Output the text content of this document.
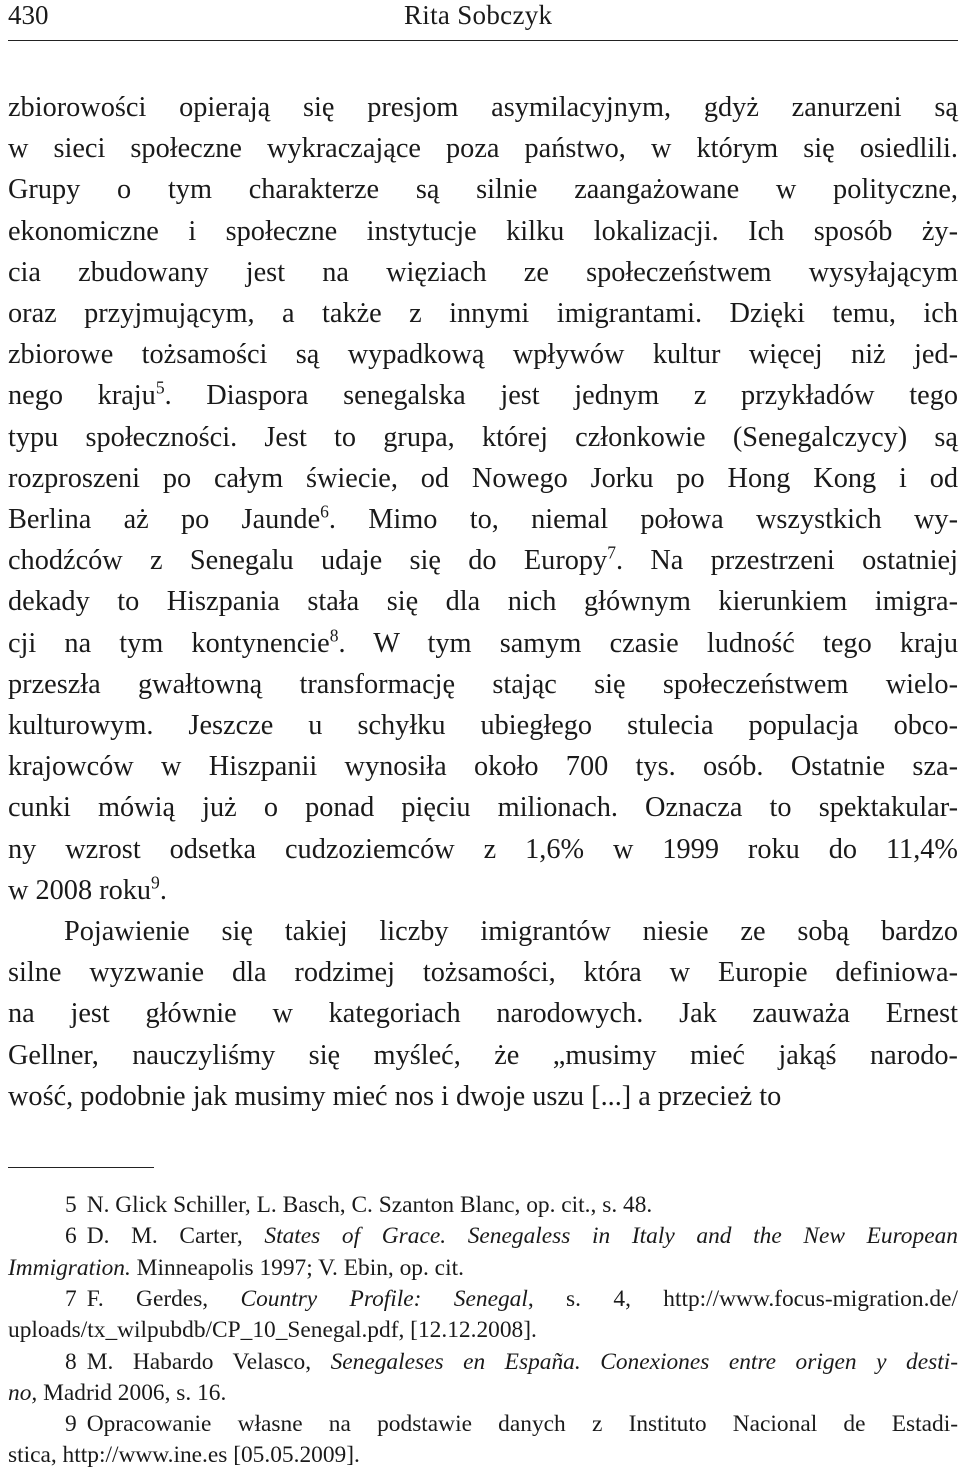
430	Rita Sobczyk

zbiorowości opierają się presjom asymilacyjnym, gdyż zanurzeni są
w sieci społeczne wykraczające poza państwo, w którym się osiedlili.
Grupy o tym charakterze są silnie zaangażowane w polityczne,
ekonomiczne i społeczne instytucje kilku lokalizacji. Ich sposób ży-
cia zbudowany jest na więziach ze społeczeństwem wysyłającym
oraz przyjmującym, a także z innymi imigrantami. Dzięki temu, ich
zbiorowe tożsamości są wypadkową wpływów kultur więcej niż jed-
nego kraju$^5$. Diaspora senegalska jest jednym z przykładów tego
typu społeczności. Jest to grupa, której członkowie (Senegalczycy) są
rozproszeni po całym świecie, od Nowego Jorku po Hong Kong i od
Berlina aż po Jaunde$^6$. Mimo to, niemal połowa wszystkich wy-
chodźców z Senegalu udaje się do Europy$^7$. Na przestrzeni ostatniej
dekady to Hiszpania stała się dla nich głównym kierunkiem imigra-
cji na tym kontynencie$^8$. W tym samym czasie ludność tego kraju
przeszła gwałtowną transformację stając się społeczeństwem wielo-
kulturowym. Jeszcze u schyłku ubiegłego stulecia populacja obco-
krajowców w Hiszpanii wynosiła około 700 tys. osób. Ostatnie sza-
cunki mówią już o ponad pięciu milionach. Oznacza to spektakular-
ny wzrost odsetka cudzoziemców z 1,6% w 1999 roku do 11,4%
w 2008 roku$^9$.

Pojawienie się takiej liczby imigrantów niesie ze sobą bardzo
silne wyzwanie dla rodzimej tożsamości, która w Europie definiowa-
na jest głównie w kategoriach narodowych. Jak zauważa Ernest
Gellner, nauczyliśmy się myśleć, że „musimy mieć jakąś narodo-
wość, podobnie jak musimy mieć nos i dwoje uszu [...] a przecież to

5 N. Glick Schiller, L. Basch, C. Szanton Blanc, op. cit., s. 48.
6 D. M. Carter, States of Grace. Senegaless in Italy and the New European
Immigration. Minneapolis 1997; V. Ebin, op. cit.
7 F. Gerdes, Country Profile: Senegal, s. 4, http://www.focus-migration.de/
uploads/tx_wilpubdb/CP_10_Senegal.pdf, [12.12.2008].
8 M. Habardo Velasco, Senegaleses en España. Conexiones entre origen y desti-
no, Madrid 2006, s. 16.
9 Opracowanie własne na podstawie danych z Instituto Nacional de Estadi-
stica, http://www.ine.es [05.05.2009].
